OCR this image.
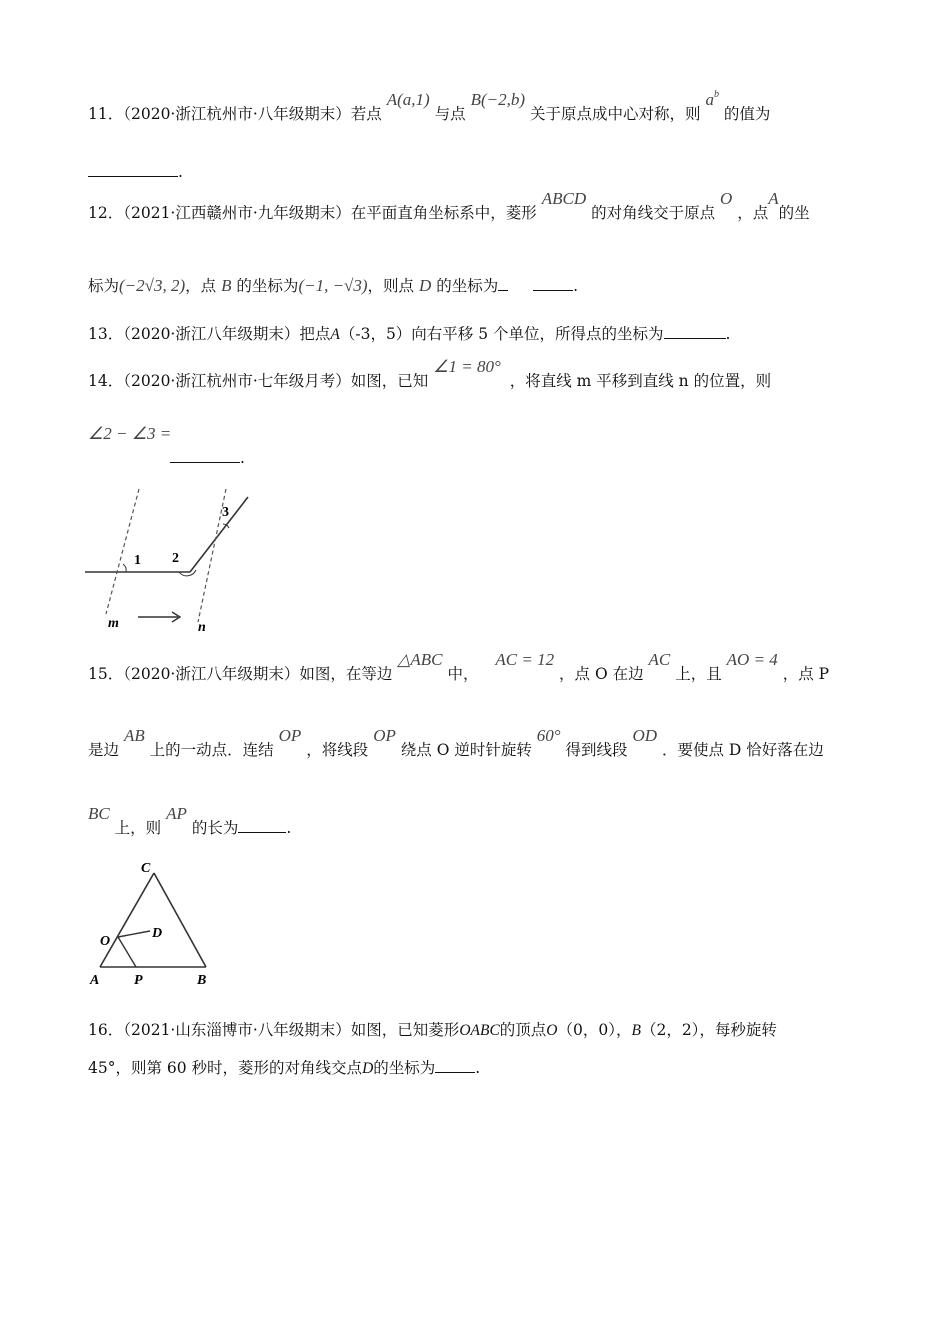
11．（2020·浙江杭州市·八年级期末）若点 A(a,1) 与点 B(−2,b) 关于原点成中心对称，则 $a^b$ 的值为
.
12．（2021·江西赣州市·九年级期末）在平面直角坐标系中，菱形 ABCD 的对角线交于原点 O ，点A的坐
标为(−2√3, 2)，点 B 的坐标为(−1, −√3)，则点 D 的坐标为	.
13．（2020·浙江八年级期末）把点A（-3，5）向右平移 5 个单位，所得点的坐标为	.
14．（2020·浙江杭州市·七年级月考）如图，已知 ∠1 = 80° ，将直线 m 平移到直线 n 的位置，则
∠2 − ∠3 =
.
1 2
3
m	n
15．（2020·浙江八年级期末）如图，在等边 △ABC 中， AC = 12 ，点 O 在边 AC 上，且 AO = 4 ，点 P
是边 AB 上的一动点．连结 OP ，将线段 OP 绕点 O 逆时针旋转 60° 得到线段 OD ．要使点 D 恰好落在边
BC 上，则 AP 的长为	.
C
O
D
A P	B
16．（2021·山东淄博市·八年级期末）如图，已知菱形OABC的顶点O（0，0），B（2，2），每秒旋转
45°，则第 60 秒时，菱形的对角线交点D的坐标为	.
